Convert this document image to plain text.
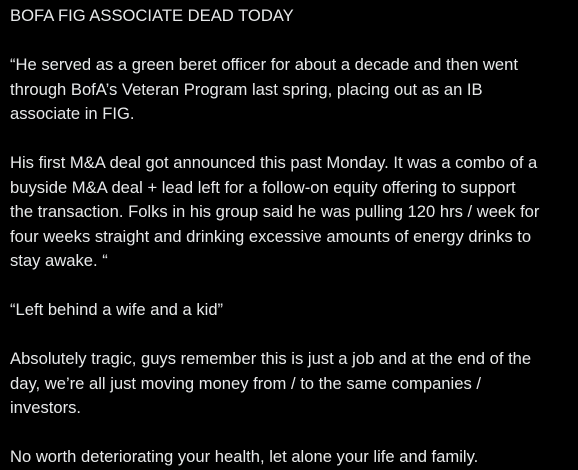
BOFA FIG ASSOCIATE DEAD TODAY
“He served as a green beret officer for about a decade and then went
through BofA’s Veteran Program last spring, placing out as an IB
associate in FIG.
His first M&A deal got announced this past Monday. It was a combo of a
buyside M&A deal + lead left for a follow-on equity offering to support
the transaction. Folks in his group said he was pulling 120 hrs / week for
four weeks straight and drinking excessive amounts of energy drinks to
stay awake. “
“Left behind a wife and a kid”
Absolutely tragic, guys remember this is just a job and at the end of the
day, we’re all just moving money from / to the same companies /
investors.
No worth deteriorating your health, let alone your life and family.
